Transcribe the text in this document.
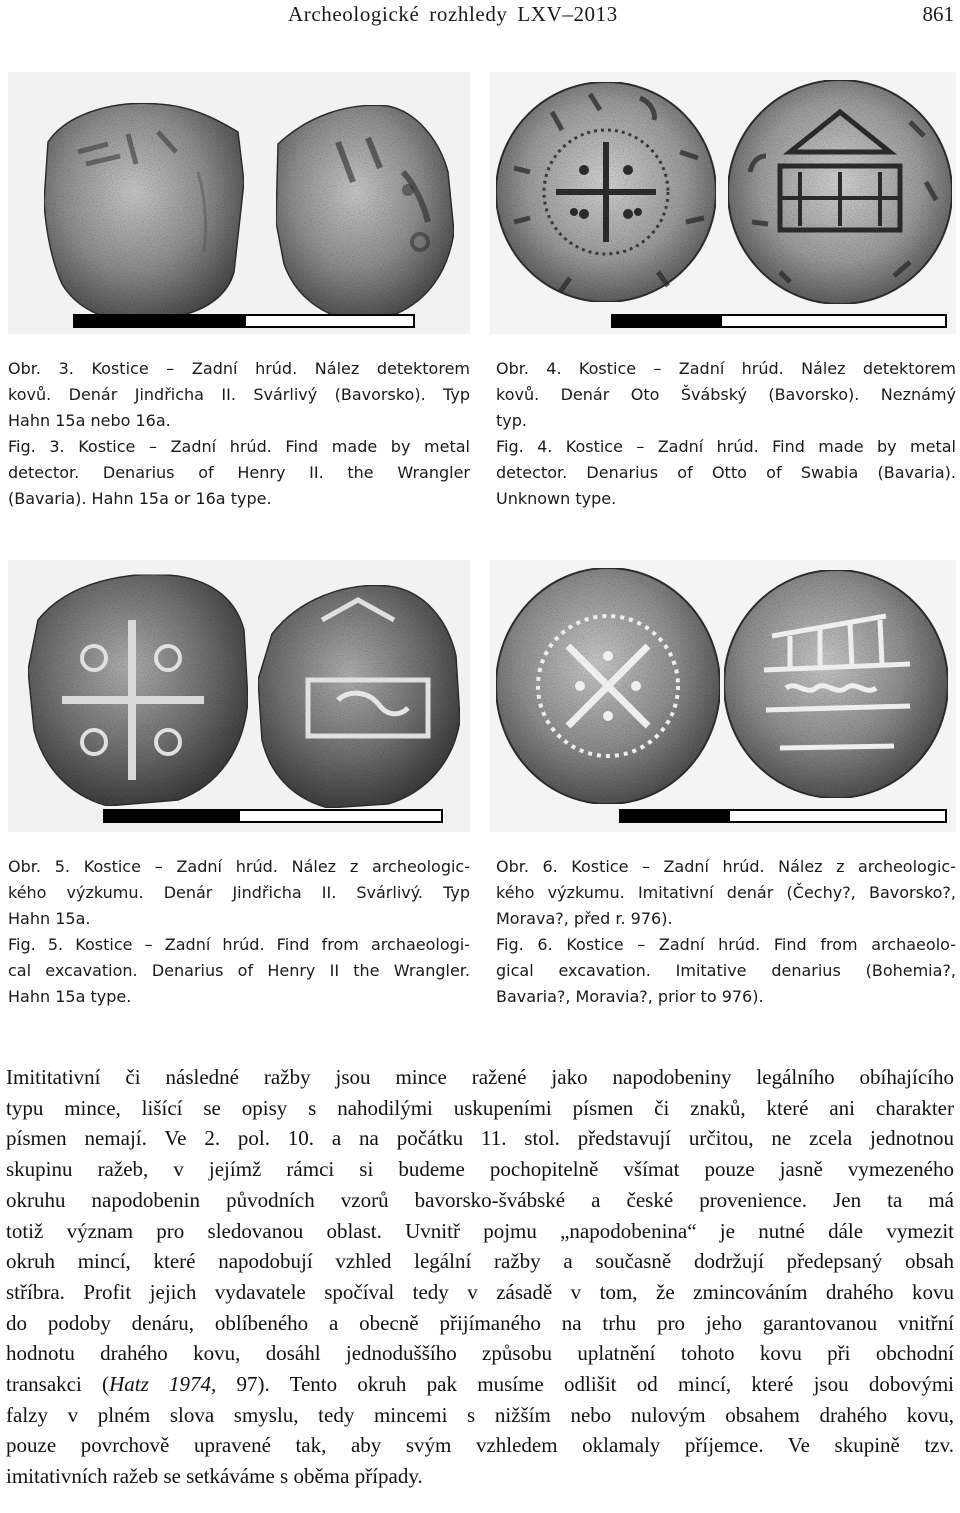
Archeologické rozhledy LXV–2013	861
Obr. 3. Kostice – Zadní hrúd. Nález detektorem
kovů. Denár Jindřicha II. Svárlivý (Bavorsko). Typ
Hahn 15a nebo 16a.
Fig. 3. Kostice – Zadní hrúd. Find made by metal
detector. Denarius of Henry II. the Wrangler
(Bavaria). Hahn 15a or 16a type.
Obr. 4. Kostice – Zadní hrúd. Nález detektorem
kovů. Denár Oto Švábský (Bavorsko). Neznámý
typ.
Fig. 4. Kostice – Zadní hrúd. Find made by metal
detector. Denarius of Otto of Swabia (Bavaria).
Unknown type.
Obr. 5. Kostice – Zadní hrúd. Nález z archeologic-
kého výzkumu. Denár Jindřicha II. Svárlivý. Typ
Hahn 15a.
Fig. 5. Kostice – Zadní hrúd. Find from archaeologi-
cal excavation. Denarius of Henry II the Wrangler.
Hahn 15a type.
Obr. 6. Kostice – Zadní hrúd. Nález z archeologic-
kého výzkumu. Imitativní denár (Čechy?, Bavorsko?,
Morava?, před r. 976).
Fig. 6. Kostice – Zadní hrúd. Find from archaeolo-
gical excavation. Imitative denarius (Bohemia?,
Bavaria?, Moravia?, prior to 976).
Imititativní či následné ražby jsou mince ražené jako napodobeniny legálního obíhajícího
typu mince, lišící se opisy s nahodilými uskupeními písmen či znaků, které ani charakter
písmen nemají. Ve 2. pol. 10. a na počátku 11. stol. představují určitou, ne zcela jednotnou
skupinu ražeb, v jejímž rámci si budeme pochopitelně všímat pouze jasně vymezeného
okruhu napodobenin původních vzorů bavorsko-švábské a české provenience. Jen ta má
totiž význam pro sledovanou oblast. Uvnitř pojmu „napodobenina“ je nutné dále vymezit
okruh mincí, které napodobují vzhled legální ražby a současně dodržují předepsaný obsah
stříbra. Profit jejich vydavatele spočíval tedy v zásadě v tom, že zmincováním drahého kovu
do podoby denáru, oblíbeného a obecně přijímaného na trhu pro jeho garantovanou vnitřní
hodnotu drahého kovu, dosáhl jednoduššího způsobu uplatnění tohoto kovu při obchodní
transakci (Hatz 1974, 97). Tento okruh pak musíme odlišit od mincí, které jsou dobovými
falzy v plném slova smyslu, tedy mincemi s nižším nebo nulovým obsahem drahého kovu,
pouze povrchově upravené tak, aby svým vzhledem oklamaly příjemce. Ve skupině tzv.
imitativních ražeb se setkáváme s oběma případy.
